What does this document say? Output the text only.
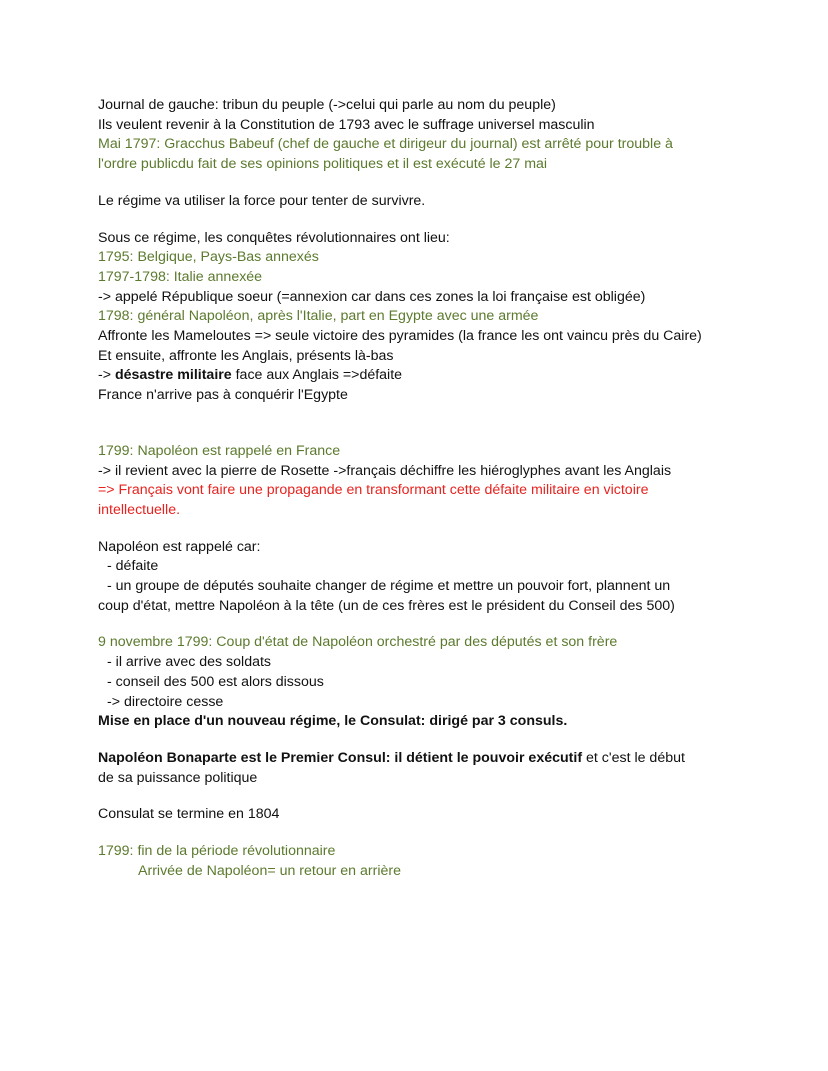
Journal de gauche: tribun du peuple (->celui qui parle au nom du peuple)
Ils veulent revenir à la Constitution de 1793 avec le suffrage universel masculin
Mai 1797: Gracchus Babeuf (chef de gauche et dirigeur du journal) est arrêté pour trouble à
l'ordre publicdu fait de ses opinions politiques et il est exécuté le 27 mai
Le régime va utiliser la force pour tenter de survivre.
Sous ce régime, les conquêtes révolutionnaires ont lieu:
1795: Belgique, Pays-Bas annexés
1797-1798: Italie annexée
-> appelé République soeur (=annexion car dans ces zones la loi française est obligée)
1798: général Napoléon, après l'Italie, part en Egypte avec une armée
Affronte les Mameloutes => seule victoire des pyramides (la france les ont vaincu près du Caire)
Et ensuite, affronte les Anglais, présents là-bas
-> désastre militaire face aux Anglais =>défaite
France n'arrive pas à conquérir l'Egypte
1799: Napoléon est rappelé en France
-> il revient avec la pierre de Rosette ->français déchiffre les hiéroglyphes avant les Anglais
=> Français vont faire une propagande en transformant cette défaite militaire en victoire
intellectuelle.
Napoléon est rappelé car:
- défaite
- un groupe de députés souhaite changer de régime et mettre un pouvoir fort, plannent un
coup d'état, mettre Napoléon à la tête (un de ces frères est le président du Conseil des 500)
9 novembre 1799: Coup d'état de Napoléon orchestré par des députés et son frère
- il arrive avec des soldats
- conseil des 500 est alors dissous
-> directoire cesse
Mise en place d'un nouveau régime, le Consulat: dirigé par 3 consuls.
Napoléon Bonaparte est le Premier Consul: il détient le pouvoir exécutif et c'est le début
de sa puissance politique
Consulat se termine en 1804
1799: fin de la période révolutionnaire
Arrivée de Napoléon= un retour en arrière
